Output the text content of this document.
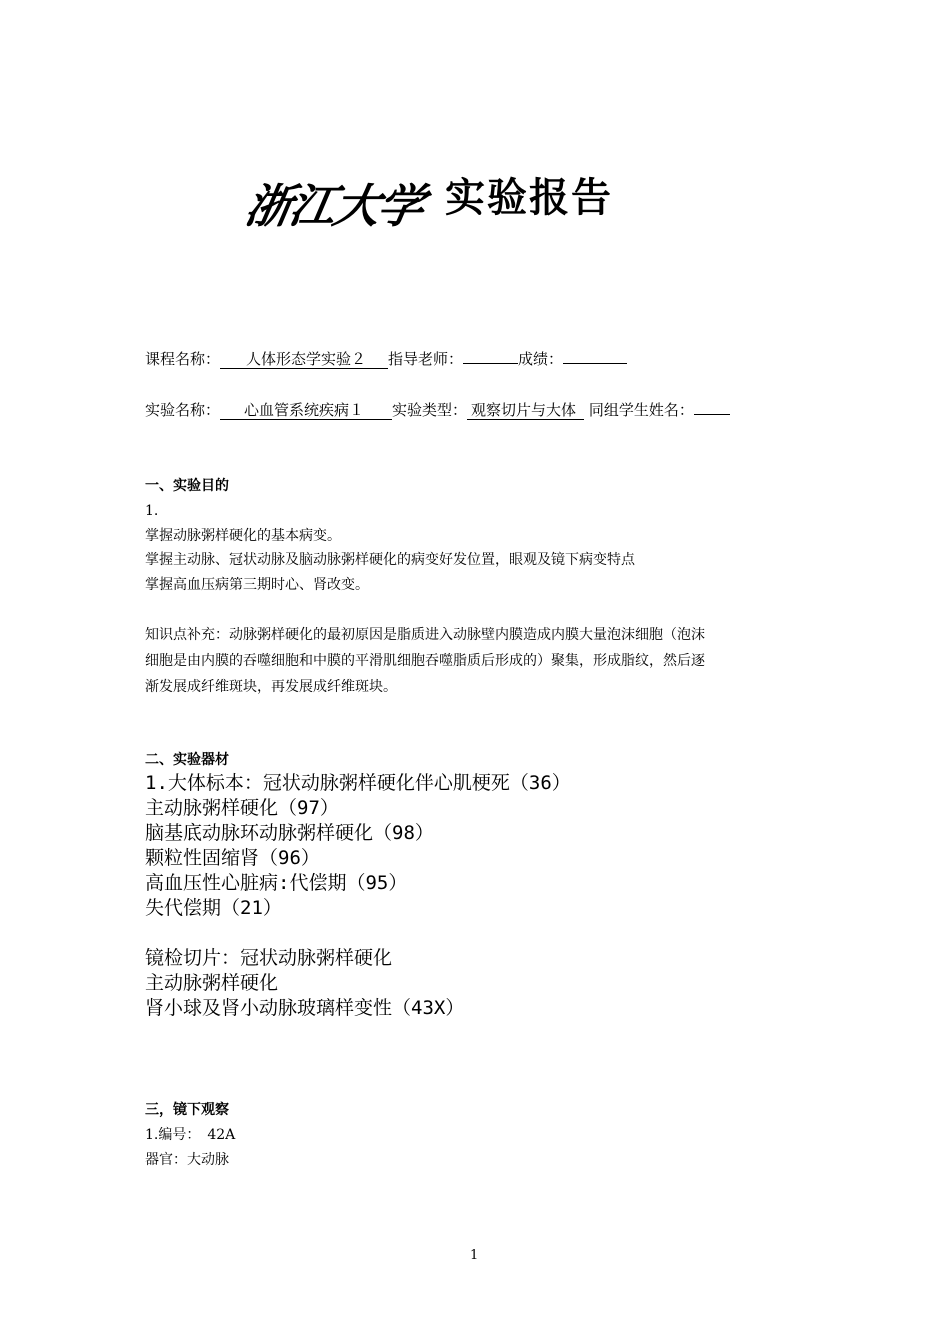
浙江大学 实验报告
课程名称： 人体形态学实验２ 指导老师：	成绩：
实验名称： 心血管系统疾病１ 实验类型： 观察切片与大体 同组学生姓名：
一、实验目的
1.
掌握动脉粥样硬化的基本病变。
掌握主动脉、冠状动脉及脑动脉粥样硬化的病变好发位置，眼观及镜下病变特点
掌握高血压病第三期时心、肾改变。
知识点补充：动脉粥样硬化的最初原因是脂质进入动脉壁内膜造成内膜大量泡沫细胞（泡沫
细胞是由内膜的吞噬细胞和中膜的平滑肌细胞吞噬脂质后形成的）聚集，形成脂纹，然后逐
渐发展成纤维斑块，再发展成纤维斑块。
二、实验器材
1.大体标本：冠状动脉粥样硬化伴心肌梗死（36）
主动脉粥样硬化（97）
脑基底动脉环动脉粥样硬化（98）
颗粒性固缩肾（96）
高血压性心脏病:代偿期（95）
失代偿期（21）
镜检切片：冠状动脉粥样硬化
主动脉粥样硬化
肾小球及肾小动脉玻璃样变性（43X）
三，镜下观察
1.编号：　42A
器官：大动脉
1
